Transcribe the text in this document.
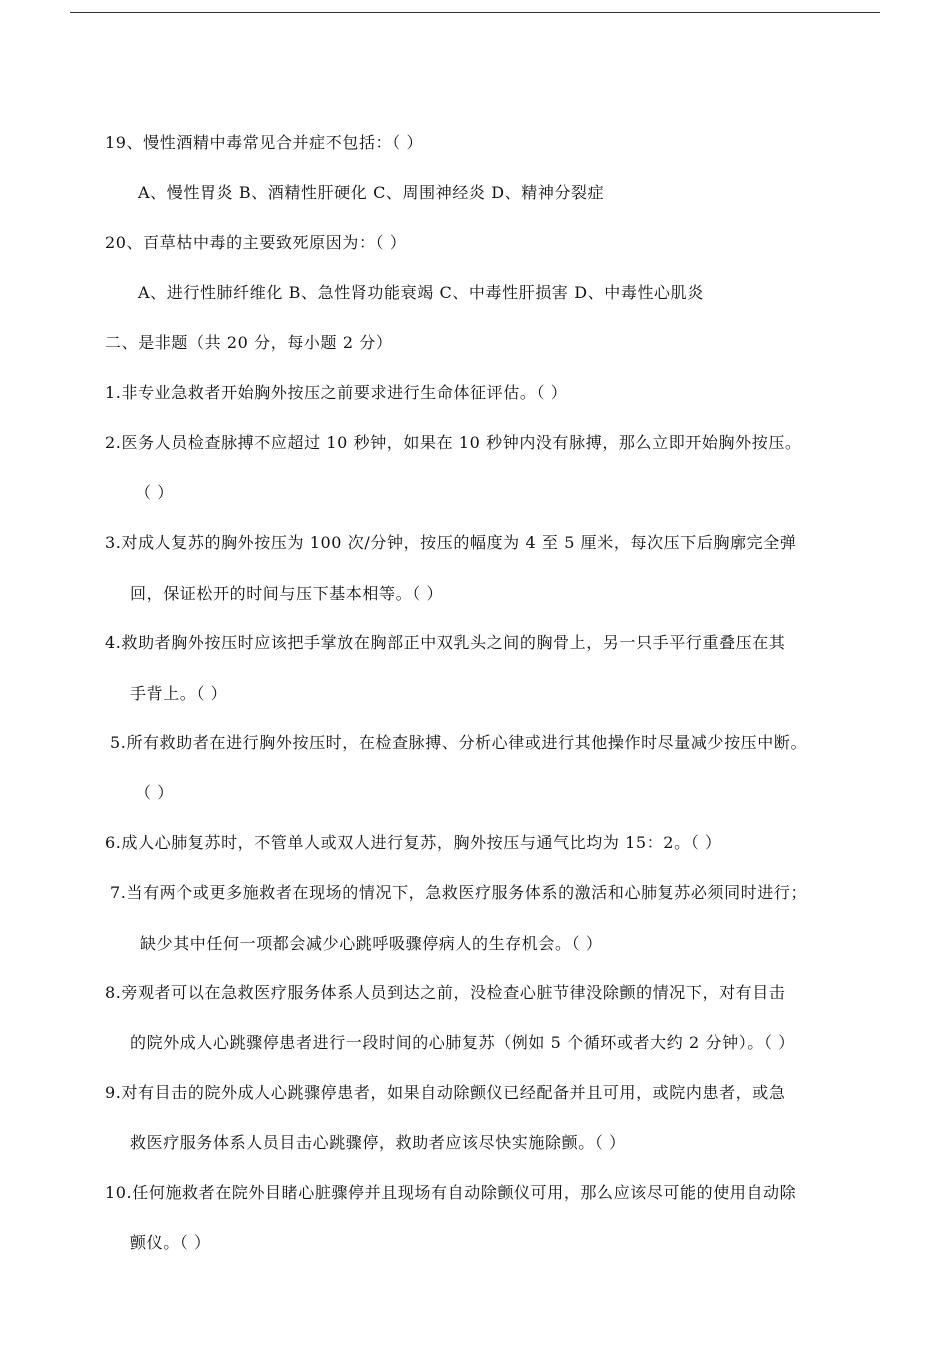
19、慢性酒精中毒常见合并症不包括：（ ）
A、慢性胃炎 B、酒精性肝硬化 C、周围神经炎 D、精神分裂症
20、百草枯中毒的主要致死原因为：（ ）
A、进行性肺纤维化 B、急性肾功能衰竭 C、中毒性肝损害 D、中毒性心肌炎
二、是非题（共 20 分，每小题 2 分）
1.非专业急救者开始胸外按压之前要求进行生命体征评估。（ ）
2.医务人员检查脉搏不应超过 10 秒钟，如果在 10 秒钟内没有脉搏，那么立即开始胸外按压。
（ ）
3.对成人复苏的胸外按压为 100 次/分钟，按压的幅度为 4 至 5 厘米，每次压下后胸廓完全弹
回，保证松开的时间与压下基本相等。（ ）
4.救助者胸外按压时应该把手掌放在胸部正中双乳头之间的胸骨上，另一只手平行重叠压在其
手背上。（ ）
5.所有救助者在进行胸外按压时，在检查脉搏、分析心律或进行其他操作时尽量减少按压中断。
（ ）
6.成人心肺复苏时，不管单人或双人进行复苏，胸外按压与通气比均为 15：2。（ ）
7.当有两个或更多施救者在现场的情况下，急救医疗服务体系的激活和心肺复苏必须同时进行；
缺少其中任何一项都会减少心跳呼吸骤停病人的生存机会。（ ）
8.旁观者可以在急救医疗服务体系人员到达之前，没检查心脏节律没除颤的情况下，对有目击
的院外成人心跳骤停患者进行一段时间的心肺复苏（例如 5 个循环或者大约 2 分钟）。（ ）
9.对有目击的院外成人心跳骤停患者，如果自动除颤仪已经配备并且可用，或院内患者，或急
救医疗服务体系人员目击心跳骤停，救助者应该尽快实施除颤。（ ）
10.任何施救者在院外目睹心脏骤停并且现场有自动除颤仪可用，那么应该尽可能的使用自动除
颤仪。（ ）
